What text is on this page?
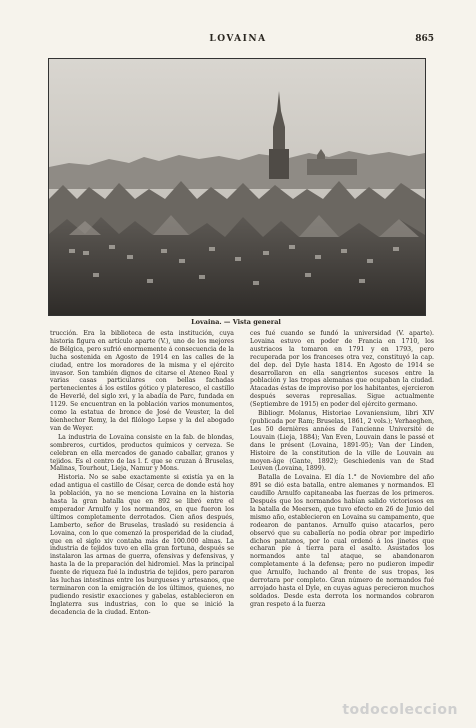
LOVAINA	865
Lovaina. — Vista general

trucción. Era la biblioteca de esta institución, cuya historia figura en artículo aparte (V.), uno de los mejores de Bélgica, pero sufrió enormemente á consecuencia de la lucha sostenida en Agosto de 1914 en las calles de la ciudad, entre los moradores de la misma y el ejército invasor. Son también dignos de citarse el Ateneo Real y varias casas particulares con bellas fachadas pertenecientes á los estilos gótico y plateresco, el castillo de Heverlé, del siglo xvi, y la abadía de Parc, fundada en 1129. Se encuentran en la población varios monumentos, como la estatua de bronce de José de Veuster, la del bienhechor Remy, la del filólogo Lepse y la del abogado van de Weyer.

La industria de Lovaina consiste en la fab. de blondas, sombreros, curtidos, productos químicos y cerveza. Se celebran en ella mercados de ganado caballar, granos y tejidos. Es el centro de las l. f. que se cruzan á Bruselas, Malinas, Tourhout, Lieja, Namur y Mons.

Historia. No se sabe exactamente si existía ya en la edad antigua el castillo de César, cerca de donde está hoy la población, ya no se menciona Lovaina en la historia hasta la gran batalla que en 892 se libró entre el emperador Arnulfo y los normandos, en que fueron los últimos completamente derrotados. Cien años después, Lamberto, señor de Bruselas, trasladó su residencia á Lovaina, con lo que comenzó la prosperidad de la ciudad, que en el siglo xiv contaba más de 100.000 almas. La industria de tejidos tuvo en ella gran fortuna, después se instalaron las armas de guerra, ofensivas y defensivas, y hasta la de la preparación del hidromiel. Mas la principal fuente de riqueza fué la industria de tejidos, pero pararon las luchas intestinas entre los burgueses y artesanos, que terminaron con la emigración de los últimos, quienes, no pudiendo resistir exacciones y gabelas, establecieron en Inglaterra sus industrias, con lo que se inició la decadencia de la ciudad. Enton-

ces fué cuando se fundó la universidad (V. aparte). Lovaina estuvo en poder de Francia en 1710, los austriacos la tomaron en 1791 y en 1793, pero recuperada por los franceses otra vez, constituyó la cap. del dep. del Dyle hasta 1814. En Agosto de 1914 se desarrollaron en ella sangrientos sucesos entre la población y las tropas alemanas que ocupaban la ciudad. Atacadas éstas de improviso por los habitantes, ejercieron después severas represalias. Sigue actualmente (Septiembre de 1915) en poder del ejército germano.

Bibliogr. Molanus, Historiae Lovaniensium, libri XIV (publicada por Ram; Bruselas, 1861, 2 vols.); Verhaeghen, Les 50 dernières années de l'ancienne Université de Louvain (Lieja, 1884); Van Even, Louvain dans le passé et dans le présent (Lovaina, 1891-95); Van der Linden, Histoire de la constitution de la ville de Louvain au moyen-âge (Gante, 1892); Geschiedenis van de Stad Leuven (Lovaina, 1899).

Batalla de Lovaina. El día 1.° de Noviembre del año 891 se dió esta batalla, entre alemanes y normandos. El caudillo Arnulfo capitaneaba las fuerzas de los primeros. Después que los normandos habían salido victoriosos en la batalla de Meersen, que tuvo efecto en 26 de Junio del mismo año, establecieron en Lovaina su campamento, que rodearon de pantanos. Arnulfo quiso atacarlos, pero observó que su caballería no podía obrar por impedirlo dichos pantanos, por lo cual ordenó á los jinetes que echaran pie á tierra para el asalto. Asustados los normandos ante tal ataque, se abandonaron completamente á la defensa; pero no pudieron impedir que Arnulfo, luchando al frente de sus tropas, les derrotara por completo. Gran número de normandos fué arrojado hasta el Dyle, en cuyas aguas perecieron muchos soldados. Desde esta derrota los normandos cobraron gran respeto á la fuerza

todocoleccion
